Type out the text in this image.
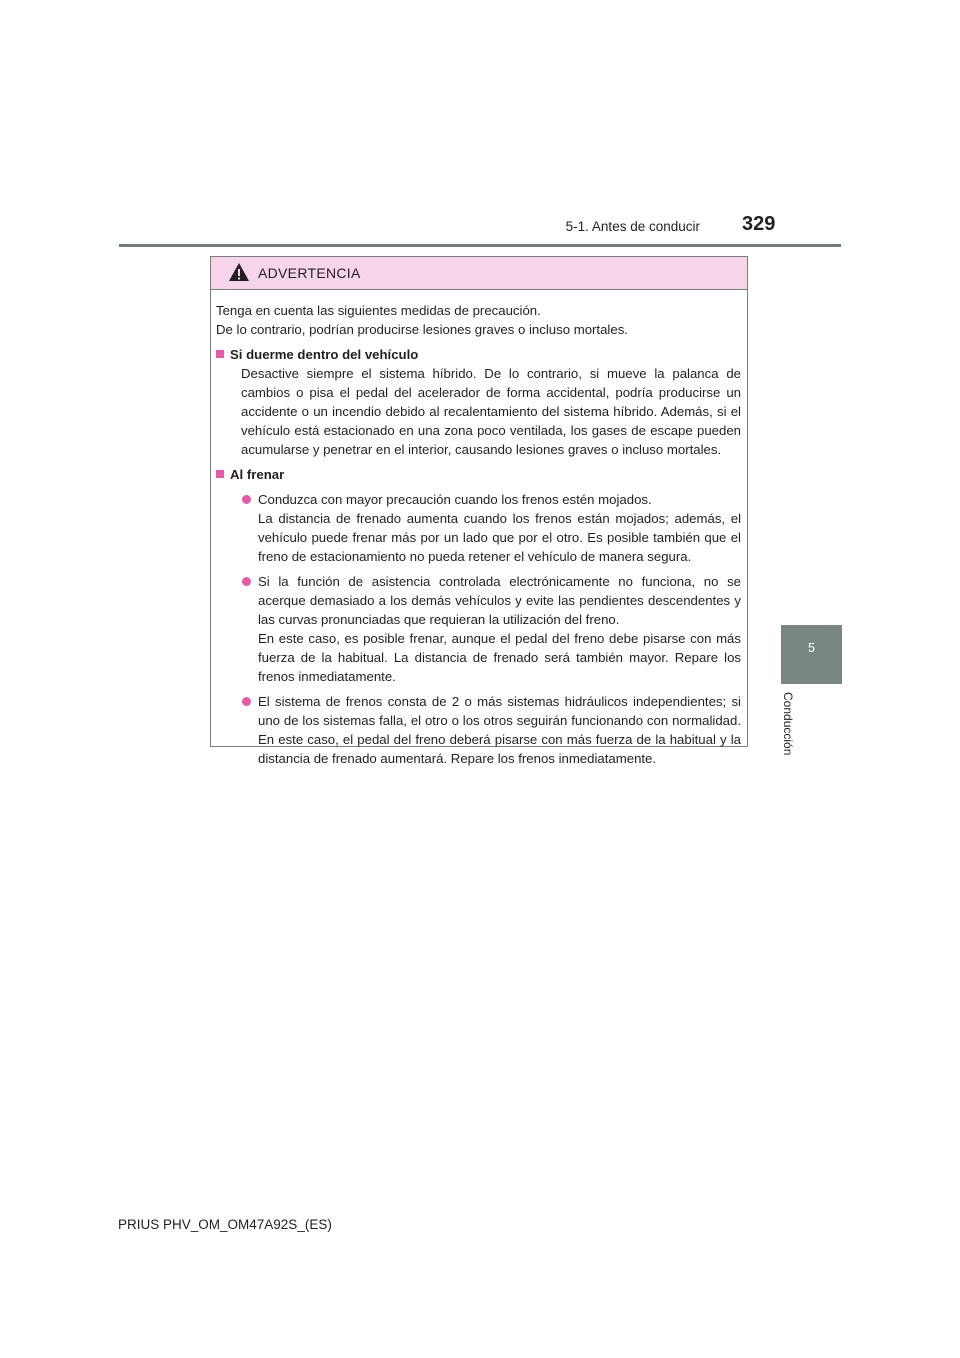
5-1. Antes de conducir 329
5
Conducción
ADVERTENCIA

Tenga en cuenta las siguientes medidas de precaución.
De lo contrario, podrían producirse lesiones graves o incluso mortales.

Si duerme dentro del vehículo
Desactive siempre el sistema híbrido. De lo contrario, si mueve la palanca de cambios o pisa el pedal del acelerador de forma accidental, podría producirse un accidente o un incendio debido al recalentamiento del sistema híbrido. Además, si el vehículo está estacionado en una zona poco ventilada, los gases de escape pueden acumularse y penetrar en el interior, causando lesiones graves o incluso mortales.
Al frenar
Conduzca con mayor precaución cuando los frenos estén mojados.
La distancia de frenado aumenta cuando los frenos están mojados; además, el vehículo puede frenar más por un lado que por el otro. Es posible también que el freno de estacionamiento no pueda retener el vehículo de manera segura.
Si la función de asistencia controlada electrónicamente no funciona, no se acerque demasiado a los demás vehículos y evite las pendientes descendentes y las curvas pronunciadas que requieran la utilización del freno.
En este caso, es posible frenar, aunque el pedal del freno debe pisarse con más fuerza de la habitual. La distancia de frenado será también mayor. Repare los frenos inmediatamente.
El sistema de frenos consta de 2 o más sistemas hidráulicos independientes; si uno de los sistemas falla, el otro o los otros seguirán funcionando con normalidad. En este caso, el pedal del freno deberá pisarse con más fuerza de la habitual y la distancia de frenado aumentará. Repare los frenos inmediatamente.
PRIUS PHV_OM_OM47A92S_(ES)
